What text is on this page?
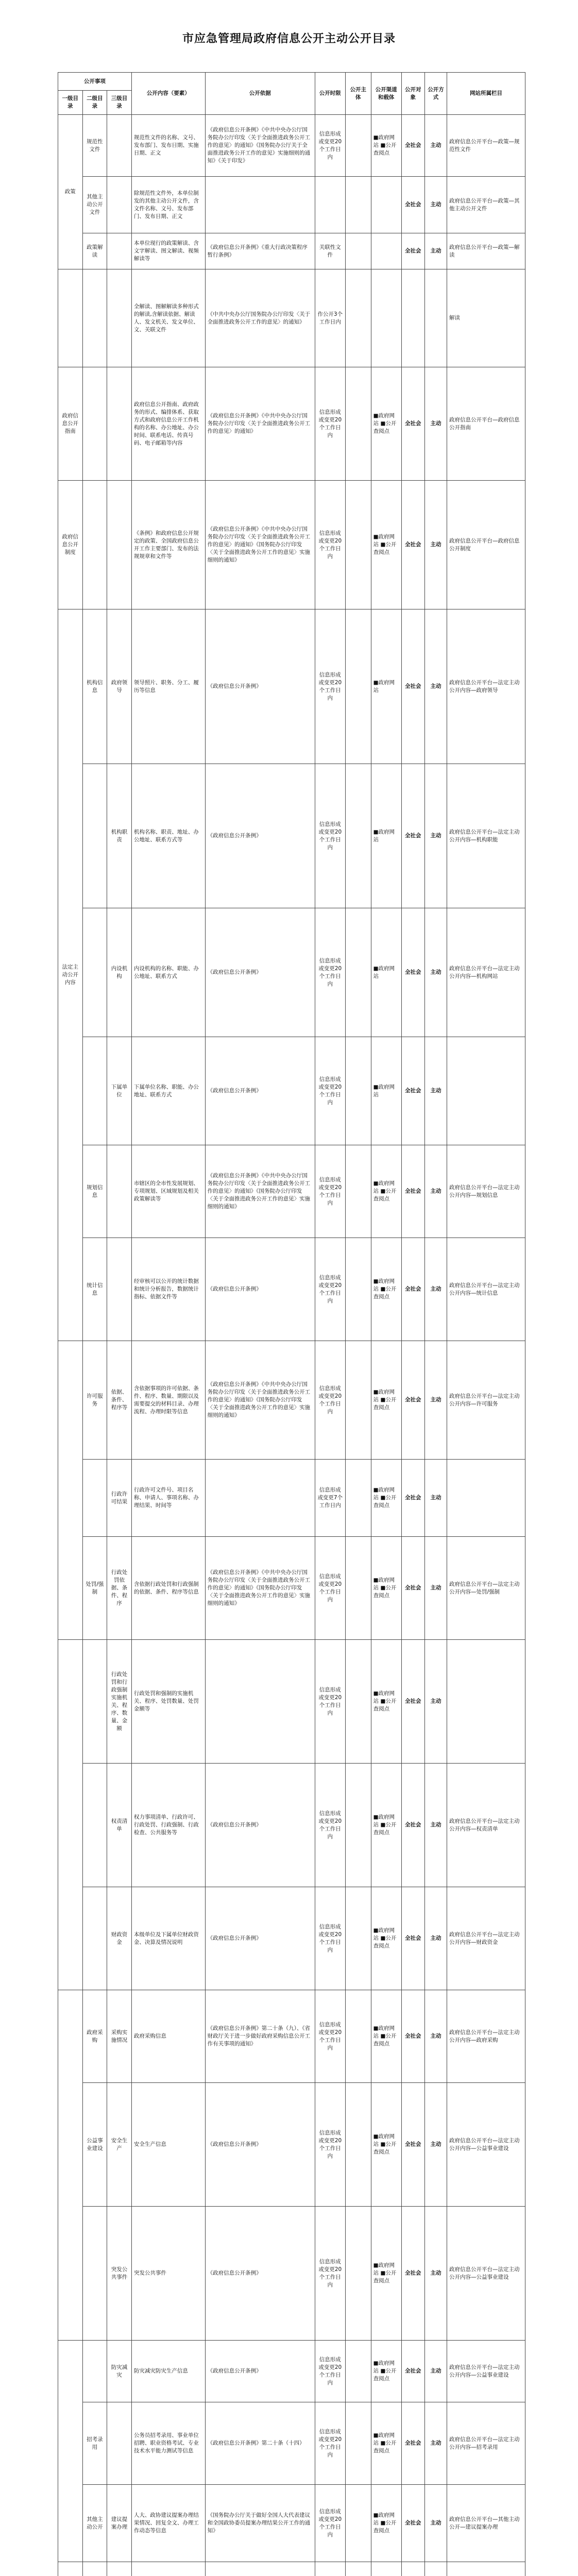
市应急管理局政府信息公开主动公开目录
公开事项			公开内容（要素）	公开依据	公开时限	公开主体	公开渠道和载体	公开对象	公开方式	网站所属栏目
一级目录	二级目录	三级目录								
政策	规范性文件		规范性文件的名称、文号、发布部门、发布日期、实施日期、正文	《政府信息公开条例》《中共中央办公厅国务院办公厅印发〈关于全面推进政务公开工作的意见〉的通知》《国务院办公厅关于全面推进政务公开工作的意见》实施细则的通知》《关于印发》	信息形成或变更20个工作日内		■政府网站 ■公开查阅点	全社会	主动	政府信息公开平台—政策—规范性文件
	其他主动公开文件		除规范性文件外，本单位制发的其他主动公开文件，含文件名称、文号、发布部门、发布日期、正文					全社会	主动	政府信息公开平台—政策—其他主动公开文件
	政策解读		本单位现行的政策解读、含文字解读、图文解读、视频解读等	《政府信息公开条例》《重大行政决策程序暂行条例》	关联性文件			全社会	主动	政府信息公开平台—政策—解读
			全解读、图解解读多种形式的解读,含解读依据、解读人、发文机关、发文单位、文、关联文件	《中共中央办公厅国务院办公厅印发〈关于全面推进政务公开工作的意见〉的通知》	作公开3个工作日内					解读
政府信息公开指南			政府信息公开指南、政府政务的形式、编排体系、获取方式和政府信息公开工作机构的名称、办公地址、办公时间、联系电话、传真号码、电子邮箱等内容	《政府信息公开条例》《中共中央办公厅国务院办公厅印发〈关于全面推进政务公开工作的意见〉的通知》	信息形成或变更20个工作日内		■政府网站 ■公开查阅点	全社会	主动	政府信息公开平台—政府信息公开指南
政府信息公开制度			《条例》和政府信息公开规定的政策、全国政府信息公开工作主要部门、发布的法规规章和文件等	《政府信息公开条例》《中共中央办公厅国务院办公厅印发〈关于全面推进政务公开工作的意见〉的通知》《国务院办公厅印发〈关于全面推进政务公开工作的意见〉实施细则的通知》	信息形成或变更20个工作日内		■政府网站 ■公开查阅点	全社会	主动	政府信息公开平台—政府信息公开制度
法定主动公开内容	机构信息	政府领导	领导照片、职务、分工、履历等信息	《政府信息公开条例》	信息形成或变更20个工作日内		■政府网站	全社会	主动	政府信息公开平台—法定主动公开内容—政府领导
		机构职责	机构名称、职责、地址、办公地址、联系方式等	《政府信息公开条例》	信息形成或变更20个工作日内		■政府网站	全社会	主动	政府信息公开平台—法定主动公开内容—机构职能
		内设机构	内设机构的名称、职能、办公地址、联系方式	《政府信息公开条例》	信息形成或变更20个工作日内		■政府网站	全社会	主动	政府信息公开平台—法定主动公开内容—机构网站
		下属单位	下属单位名称、职能、办公地址、联系方式	《政府信息公开条例》	信息形成或变更20个工作日内		■政府网站	全社会	主动	
	规划信息		市辖区的全市性发展规划、专项规划、区域规划及相关政策解读等	《政府信息公开条例》《中共中央办公厅国务院办公厅印发〈关于全面推进政务公开工作的意见〉的通知》《国务院办公厅印发〈关于全面推进政务公开工作的意见〉实施细则的通知》	信息形成或变更20个工作日内		■政府网站 ■公开查阅点	全社会	主动	政府信息公开平台—法定主动公开内容—规划信息
	统计信息		经审核可以公开的统计数据和统计分析报告，数据统计指标、依据文件等	《政府信息公开条例》	信息形成或变更20个工作日内		■政府网站 ■公开查阅点	全社会	主动	政府信息公开平台—法定主动公开内容—统计信息
	许可服务	依据、条件、程序等	含依据事项的许可依据、条件、程序、数量、期限以及需要提交的材料目录、办理流程、办理时限等信息	《政府信息公开条例》《中共中央办公厅国务院办公厅印发〈关于全面推进政务公开工作的意见〉的通知》《国务院办公厅印发〈关于全面推进政务公开工作的意见〉实施细则的通知》	信息形成或变更20个工作日内		■政府网站 ■公开查阅点	全社会	主动	政府信息公开平台—法定主动公开内容—许可服务
		行政许可结果	行政许可文件号、项目名称、申请人、事项名称、办理结果、时间等		信息形成或变更7个工作日内		■政府网站 ■公开查阅点	全社会	主动	
	处罚/强制	行政处罚依据、条件、程序	含依据行政处罚和行政强制的依据、条件、程序等信息	《政府信息公开条例》《中共中央办公厅国务院办公厅印发〈关于全面推进政务公开工作的意见〉的通知》《国务院办公厅印发〈关于全面推进政务公开工作的意见〉实施细则的通知》	信息形成或变更20个工作日内		■政府网站 ■公开查阅点	全社会	主动	政府信息公开平台—法定主动公开内容—处罚/强制
		行政处罚和行政强制实施机关、程序、数量、金额	行政处罚和强制的实施机关、程序、处罚数量、处罚金额等		信息形成或变更20个工作日内		■政府网站 ■公开查阅点	全社会	主动	
		权责清单	权力事项清单、行政许可、行政处罚、行政强制、行政检查、公共服务等	《政府信息公开条例》	信息形成或变更20个工作日内		■政府网站 ■公开查阅点	全社会	主动	政府信息公开平台—法定主动公开内容—权责清单
		财政资金	本级单位及下属单位财政资金、决算及情况说明	《政府信息公开条例》	信息形成或变更20个工作日内		■政府网站 ■公开查阅点	全社会	主动	政府信息公开平台—法定主动公开内容—财政资金
	政府采购	采购实施情况	政府采购信息	《政府信息公开条例》第二十条（九）、《省财政厅关于进一步做好政府采购信息公开工作有关事项的通知》	信息形成或变更20个工作日内		■政府网站 ■公开查阅点	全社会	主动	政府信息公开平台—法定主动公开内容—政府采购
	公益事业建设	安全生产	安全生产信息	《政府信息公开条例》	信息形成或变更20个工作日内		■政府网站 ■公开查阅点	全社会	主动	政府信息公开平台—法定主动公开内容—公益事业建设
		突发公共事件	突发公共事件	《政府信息公开条例》	信息形成或变更20个工作日内		■政府网站 ■公开查阅点	全社会	主动	政府信息公开平台—法定主动公开内容—公益事业建设
		防灾减灾	防灾减灾防灾生产信息	《政府信息公开条例》	信息形成或变更20个工作日内		■政府网站 ■公开查阅点	全社会	主动	政府信息公开平台—法定主动公开内容—公益事业建设
	招考录用		公务员招考录用、事业单位招聘、职业资格考试、专业技术水平能力测试等信息	《政府信息公开条例》第二十条（十四）	信息形成或变更20个工作日内		■政府网站 ■公开查阅点	全社会	主动	政府信息公开平台—法定主动公开内容—招考录用
	其他主动公开	建议提案办理	人大、政协建议提案办理结果情况、回复全文、办理工作动态等信息	《国务院办公厅关于做好全国人大代表建议和全国政协委员提案办理结果公开工作的通知》	信息形成或变更20个工作日内		■政府网站 ■公开查阅点	全社会	主动	政府信息公开平台—其他主动公开—建议提案办理
